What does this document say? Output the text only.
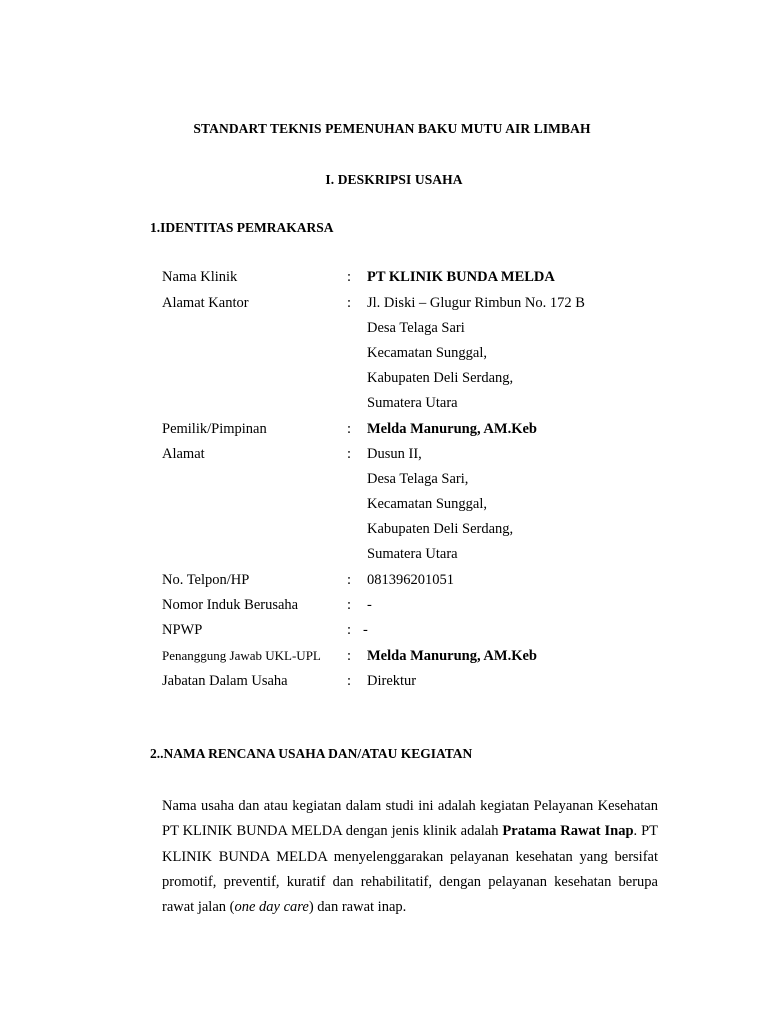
STANDART TEKNIS PEMENUHAN BAKU MUTU AIR LIMBAH
I. DESKRIPSI USAHA
1.IDENTITAS PEMRAKARSA
Nama Klinik	: PT KLINIK BUNDA MELDA
Alamat Kantor	: Jl. Diski – Glugur Rimbun No. 172 B
Desa Telaga Sari
Kecamatan Sunggal,
Kabupaten Deli Serdang,
Sumatera Utara
Pemilik/Pimpinan	: Melda Manurung, AM.Keb
Alamat	: Dusun II,
Desa Telaga Sari,
Kecamatan Sunggal,
Kabupaten Deli Serdang,
Sumatera Utara
No. Telpon/HP	: 081396201051
Nomor Induk Berusaha	: -
NPWP	: -
Penanggung Jawab UKL-UPL : Melda Manurung, AM.Keb
Jabatan Dalam Usaha	: Direktur
2..NAMA RENCANA USAHA DAN/ATAU KEGIATAN
Nama usaha dan atau kegiatan dalam studi ini adalah kegiatan Pelayanan Kesehatan PT KLINIK BUNDA MELDA dengan jenis klinik adalah Pratama Rawat Inap. PT KLINIK BUNDA MELDA menyelenggarakan pelayanan kesehatan yang bersifat promotif, preventif, kuratif dan rehabilitatif, dengan pelayanan kesehatan berupa rawat jalan (one day care) dan rawat inap.
